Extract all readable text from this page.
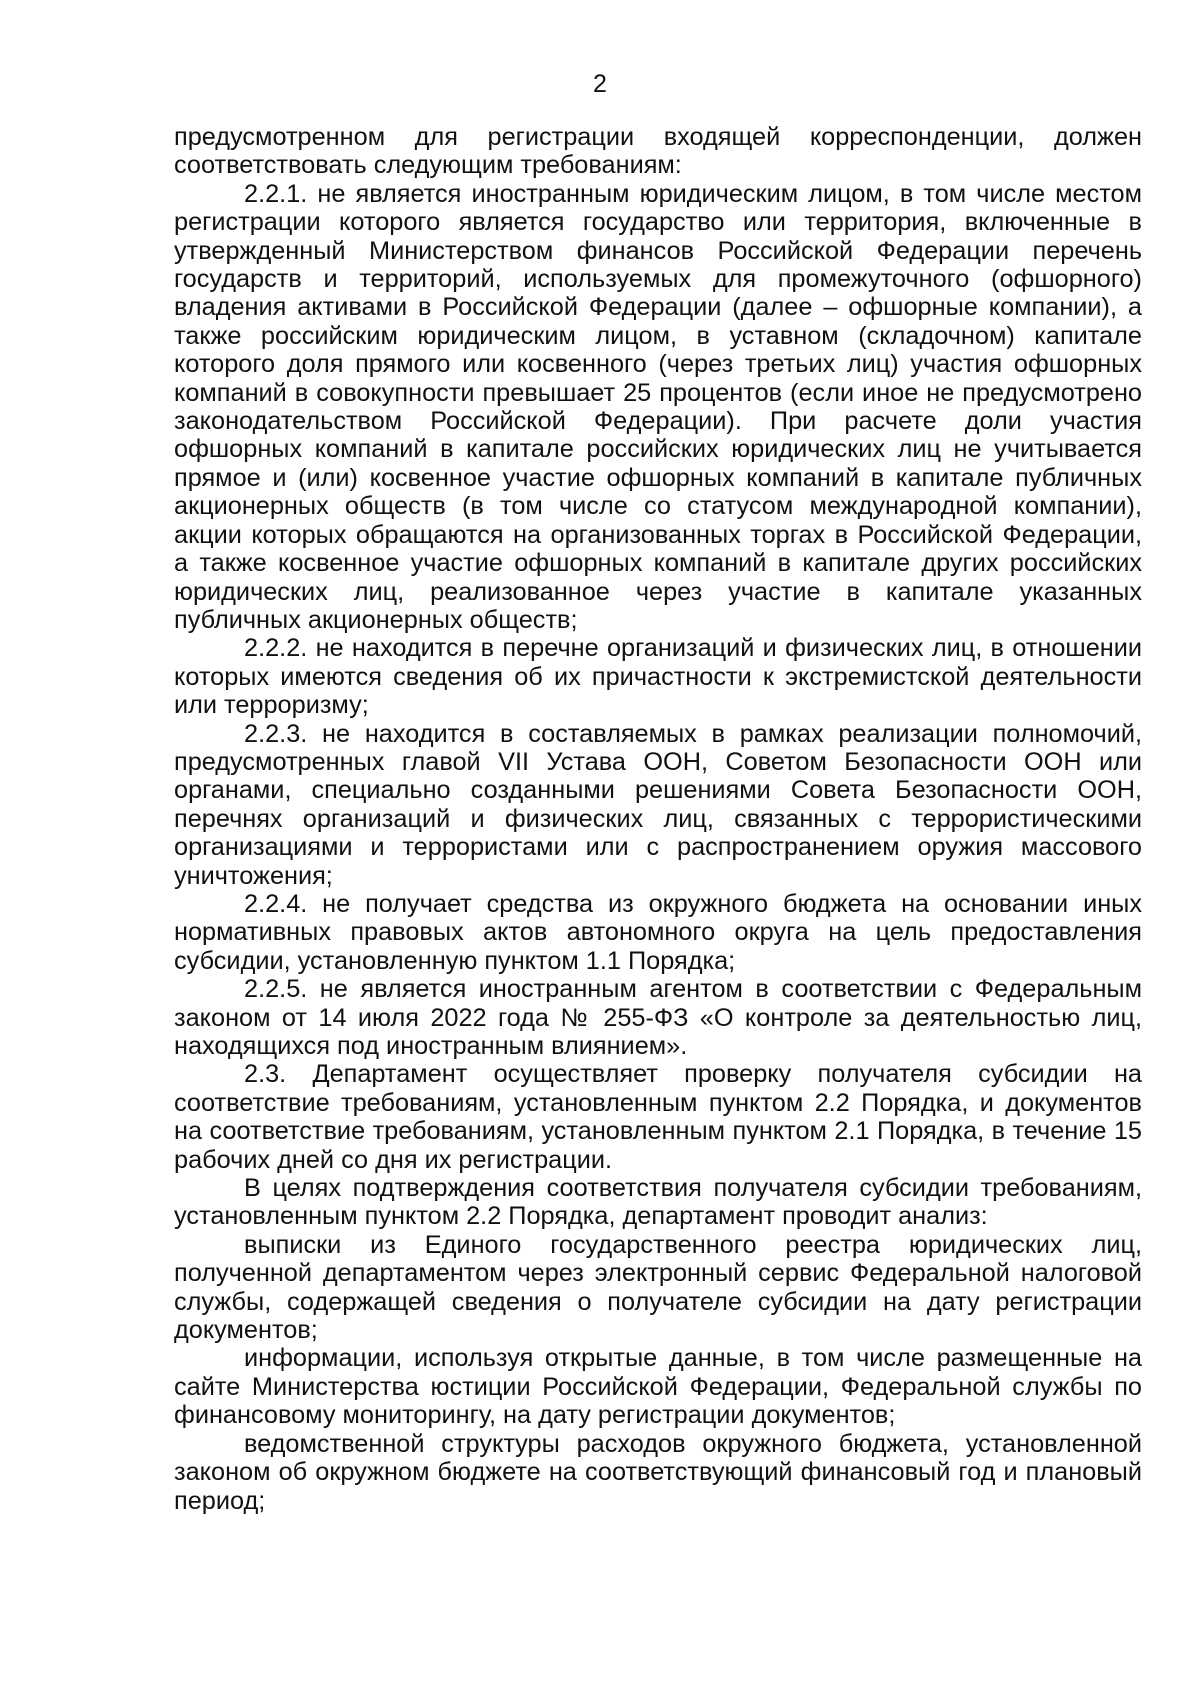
2

предусмотренном для регистрации входящей корреспонденции, должен соответствовать следующим требованиям:

2.2.1. не является иностранным юридическим лицом, в том числе местом регистрации которого является государство или территория, включенные в утвержденный Министерством финансов Российской Федерации перечень государств и территорий, используемых для промежуточного (офшорного) владения активами в Российской Федерации (далее – офшорные компании), а также российским юридическим лицом, в уставном (складочном) капитале которого доля прямого или косвенного (через третьих лиц) участия офшорных компаний в совокупности превышает 25 процентов (если иное не предусмотрено законодательством Российской Федерации). При расчете доли участия офшорных компаний в капитале российских юридических лиц не учитывается прямое и (или) косвенное участие офшорных компаний в капитале публичных акционерных обществ (в том числе со статусом международной компании), акции которых обращаются на организованных торгах в Российской Федерации, а также косвенное участие офшорных компаний в капитале других российских юридических лиц, реализованное через участие в капитале указанных публичных акционерных обществ;

2.2.2. не находится в перечне организаций и физических лиц, в отношении которых имеются сведения об их причастности к экстремистской деятельности или терроризму;

2.2.3. не находится в составляемых в рамках реализации полномочий, предусмотренных главой VII Устава ООН, Советом Безопасности ООН или органами, специально созданными решениями Совета Безопасности ООН, перечнях организаций и физических лиц, связанных с террористическими организациями и террористами или с распространением оружия массового уничтожения;

2.2.4. не получает средства из окружного бюджета на основании иных нормативных правовых актов автономного округа на цель предоставления субсидии, установленную пунктом 1.1 Порядка;

2.2.5. не является иностранным агентом в соответствии с Федеральным законом от 14 июля 2022 года № 255-ФЗ «О контроле за деятельностью лиц, находящихся под иностранным влиянием».

2.3. Департамент осуществляет проверку получателя субсидии на соответствие требованиям, установленным пунктом 2.2 Порядка, и документов на соответствие требованиям, установленным пунктом 2.1 Порядка, в течение 15 рабочих дней со дня их регистрации.

В целях подтверждения соответствия получателя субсидии требованиям, установленным пунктом 2.2 Порядка, департамент проводит анализ:

выписки из Единого государственного реестра юридических лиц, полученной департаментом через электронный сервис Федеральной налоговой службы, содержащей сведения о получателе субсидии на дату регистрации документов;

информации, используя открытые данные, в том числе размещенные на сайте Министерства юстиции Российской Федерации, Федеральной службы по финансовому мониторингу, на дату регистрации документов;

ведомственной структуры расходов окружного бюджета, установленной законом об окружном бюджете на соответствующий финансовый год и плановый период;
